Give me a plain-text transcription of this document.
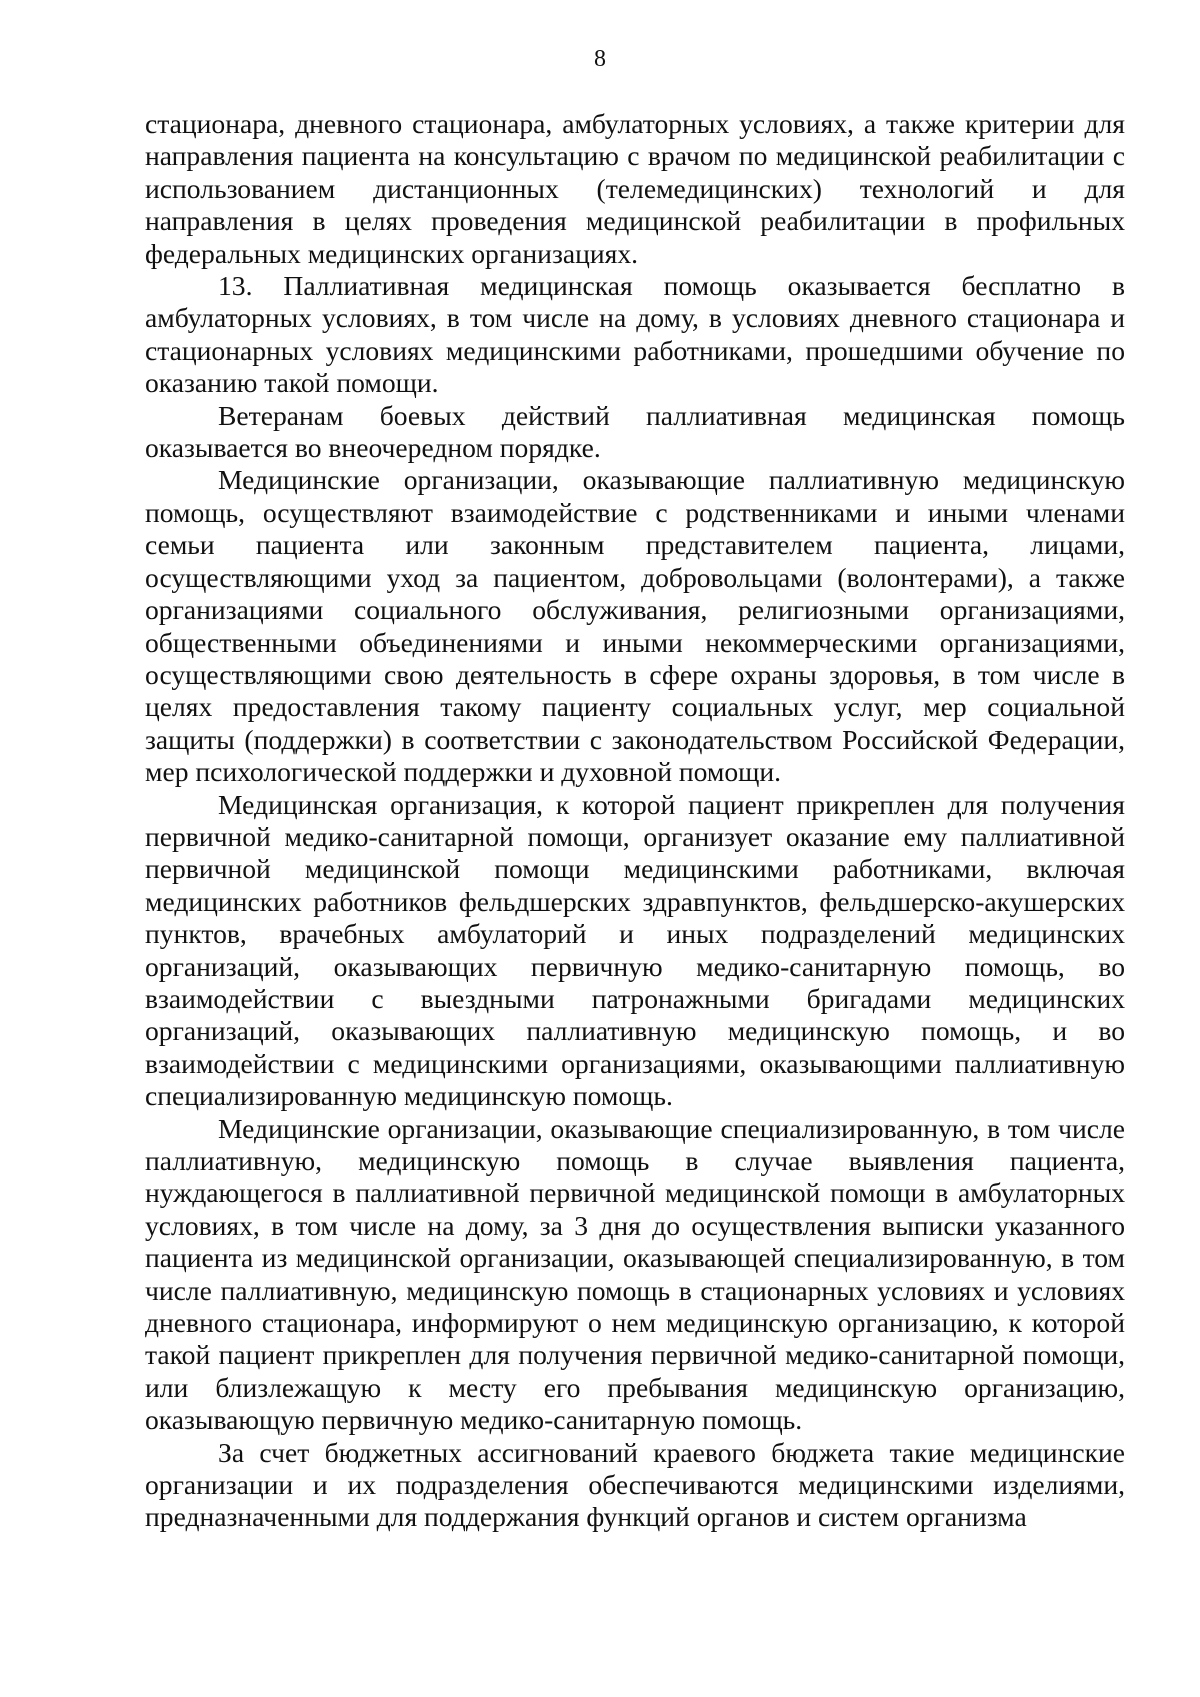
8

стационара, дневного стационара, амбулаторных условиях, а также критерии для направления пациента на консультацию с врачом по медицинской реабилитации с использованием дистанционных (телемедицинских) технологий и для направления в целях проведения медицинской реабилитации в профильных федеральных медицинских организациях.

13. Паллиативная медицинская помощь оказывается бесплатно в амбулаторных условиях, в том числе на дому, в условиях дневного стационара и стационарных условиях медицинскими работниками, прошедшими обучение по оказанию такой помощи.

Ветеранам боевых действий паллиативная медицинская помощь оказывается во внеочередном порядке.

Медицинские организации, оказывающие паллиативную медицинскую помощь, осуществляют взаимодействие с родственниками и иными членами семьи пациента или законным представителем пациента, лицами, осуществляющими уход за пациентом, добровольцами (волонтерами), а также организациями социального обслуживания, религиозными организациями, общественными объединениями и иными некоммерческими организациями, осуществляющими свою деятельность в сфере охраны здоровья, в том числе в целях предоставления такому пациенту социальных услуг, мер социальной защиты (поддержки) в соответствии с законодательством Российской Федерации, мер психологической поддержки и духовной помощи.

Медицинская организация, к которой пациент прикреплен для получения первичной медико-санитарной помощи, организует оказание ему паллиативной первичной медицинской помощи медицинскими работниками, включая медицинских работников фельдшерских здравпунктов, фельдшерско-акушерских пунктов, врачебных амбулаторий и иных подразделений медицинских организаций, оказывающих первичную медико-санитарную помощь, во взаимодействии с выездными патронажными бригадами медицинских организаций, оказывающих паллиативную медицинскую помощь, и во взаимодействии с медицинскими организациями, оказывающими паллиативную специализированную медицинскую помощь.

Медицинские организации, оказывающие специализированную, в том числе паллиативную, медицинскую помощь в случае выявления пациента, нуждающегося в паллиативной первичной медицинской помощи в амбулаторных условиях, в том числе на дому, за 3 дня до осуществления выписки указанного пациента из медицинской организации, оказывающей специализированную, в том числе паллиативную, медицинскую помощь в стационарных условиях и условиях дневного стационара, информируют о нем медицинскую организацию, к которой такой пациент прикреплен для получения первичной медико-санитарной помощи, или близлежащую к месту его пребывания медицинскую организацию, оказывающую первичную медико-санитарную помощь.

За счет бюджетных ассигнований краевого бюджета такие медицинские организации и их подразделения обеспечиваются медицинскими изделиями, предназначенными для поддержания функций органов и систем организма
